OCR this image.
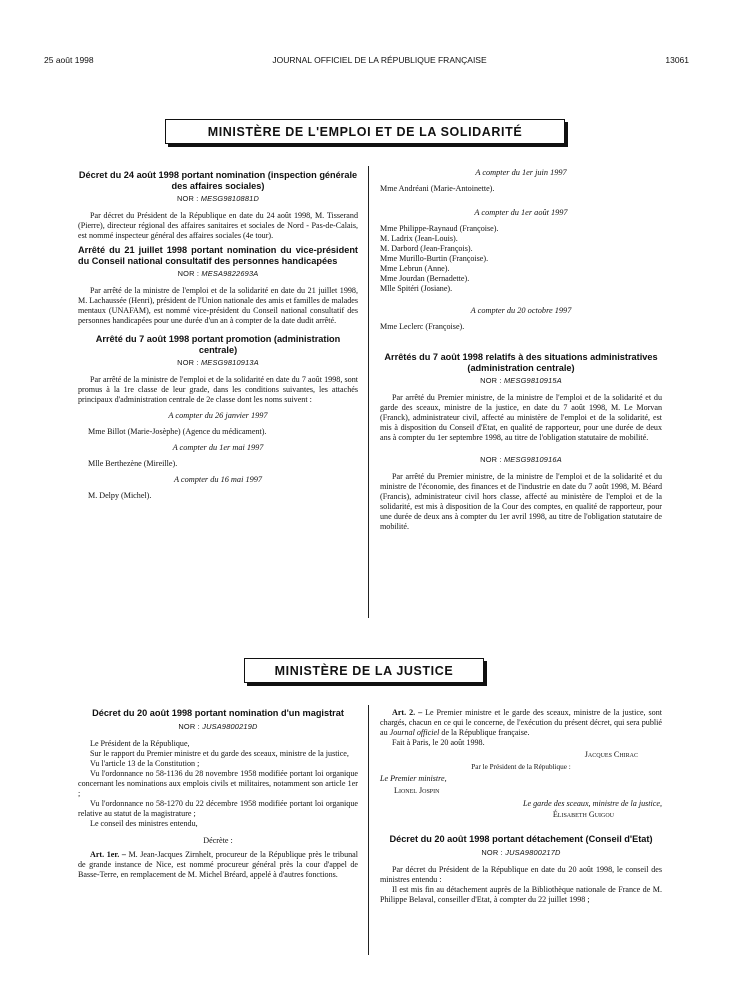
25 août 1998	JOURNAL OFFICIEL DE LA RÉPUBLIQUE FRANÇAISE	13061
MINISTÈRE DE L'EMPLOI ET DE LA SOLIDARITÉ
Décret du 24 août 1998 portant nomination (inspection générale des affaires sociales)
NOR : MESG9810881D

Par décret du Président de la République en date du 24 août 1998, M. Tisserand (Pierre), directeur régional des affaires sanitaires et sociales de Nord - Pas-de-Calais, est nommé inspecteur général des affaires sociales (4e tour).

Arrêté du 21 juillet 1998 portant nomination du vice-président du Conseil national consultatif des personnes handicapées
NOR : MESA9822693A

Par arrêté de la ministre de l'emploi et de la solidarité en date du 21 juillet 1998, M. Lachaussée (Henri), président de l'Union nationale des amis et familles de malades mentaux (UNAFAM), est nommé vice-président du Conseil national consultatif des personnes handicapées pour une durée d'un an à compter de la date dudit arrêté.

Arrêté du 7 août 1998 portant promotion (administration centrale)
NOR : MESG9810913A

Par arrêté de la ministre de l'emploi et de la solidarité en date du 7 août 1998, sont promus à la 1re classe de leur grade, dans les conditions suivantes, les attachés principaux d'administration centrale de 2e classe dont les noms suivent :

A compter du 26 janvier 1997

Mme Billot (Marie-Josèphe) (Agence du médicament).

A compter du 1er mai 1997

Mlle Berthezène (Mireille).

A compter du 16 mai 1997

M. Delpy (Michel).

A compter du 1er juin 1997

Mme Andréani (Marie-Antoinette).

A compter du 1er août 1997

Mme Philippe-Raynaud (Françoise).

M. Ladrix (Jean-Louis).

M. Darbord (Jean-François).

Mme Murillo-Burtin (Françoise).

Mme Lebrun (Anne).

Mme Jourdan (Bernadette).

Mlle Spitéri (Josiane).

A compter du 20 octobre 1997

Mme Leclerc (Françoise).

Arrêtés du 7 août 1998 relatifs à des situations administratives (administration centrale)
NOR : MESG9810915A

Par arrêté du Premier ministre, de la ministre de l'emploi et de la solidarité et du garde des sceaux, ministre de la justice, en date du 7 août 1998, M. Le Morvan (Franck), administrateur civil, affecté au ministère de l'emploi et de la solidarité, est mis à disposition du Conseil d'Etat, en qualité de rapporteur, pour une durée de deux ans à compter du 1er septembre 1998, au titre de l'obligation statutaire de mobilité.

NOR : MESG9810916A

Par arrêté du Premier ministre, de la ministre de l'emploi et de la solidarité et du ministre de l'économie, des finances et de l'industrie en date du 7 août 1998, M. Béard (Francis), administrateur civil hors classe, affecté au ministère de l'emploi et de la solidarité, est mis à disposition de la Cour des comptes, en qualité de rapporteur, pour une durée de deux ans à compter du 1er avril 1998, au titre de l'obligation statutaire de mobilité.

MINISTÈRE DE LA JUSTICE
Décret du 20 août 1998 portant nomination d'un magistrat
NOR : JUSA9800219D

Le Président de la République,

Sur le rapport du Premier ministre et du garde des sceaux, ministre de la justice,

Vu l'article 13 de la Constitution ;

Vu l'ordonnance no 58-1136 du 28 novembre 1958 modifiée portant loi organique concernant les nominations aux emplois civils et militaires, notamment son article 1er ;

Vu l'ordonnance no 58-1270 du 22 décembre 1958 modifiée portant loi organique relative au statut de la magistrature ;

Le conseil des ministres entendu,

Décrète :

Art. 1er. – M. Jean-Jacques Zirnhelt, procureur de la République près le tribunal de grande instance de Nice, est nommé procureur général près la cour d'appel de Basse-Terre, en remplacement de M. Michel Bréard, appelé à d'autres fonctions.

Art. 2. – Le Premier ministre et le garde des sceaux, ministre de la justice, sont chargés, chacun en ce qui le concerne, de l'exécution du présent décret, qui sera publié au Journal officiel de la République française.

Fait à Paris, le 20 août 1998.

Jacques Chirac
Par le Président de la République :
Le Premier ministre,
Lionel Jospin
Le garde des sceaux, ministre de la justice,
Élisabeth Guigou
Décret du 20 août 1998 portant détachement (Conseil d'Etat)
NOR : JUSA9800217D

Par décret du Président de la République en date du 20 août 1998, le conseil des ministres entendu :

Il est mis fin au détachement auprès de la Bibliothèque nationale de France de M. Philippe Belaval, conseiller d'Etat, à compter du 22 juillet 1998 ;
